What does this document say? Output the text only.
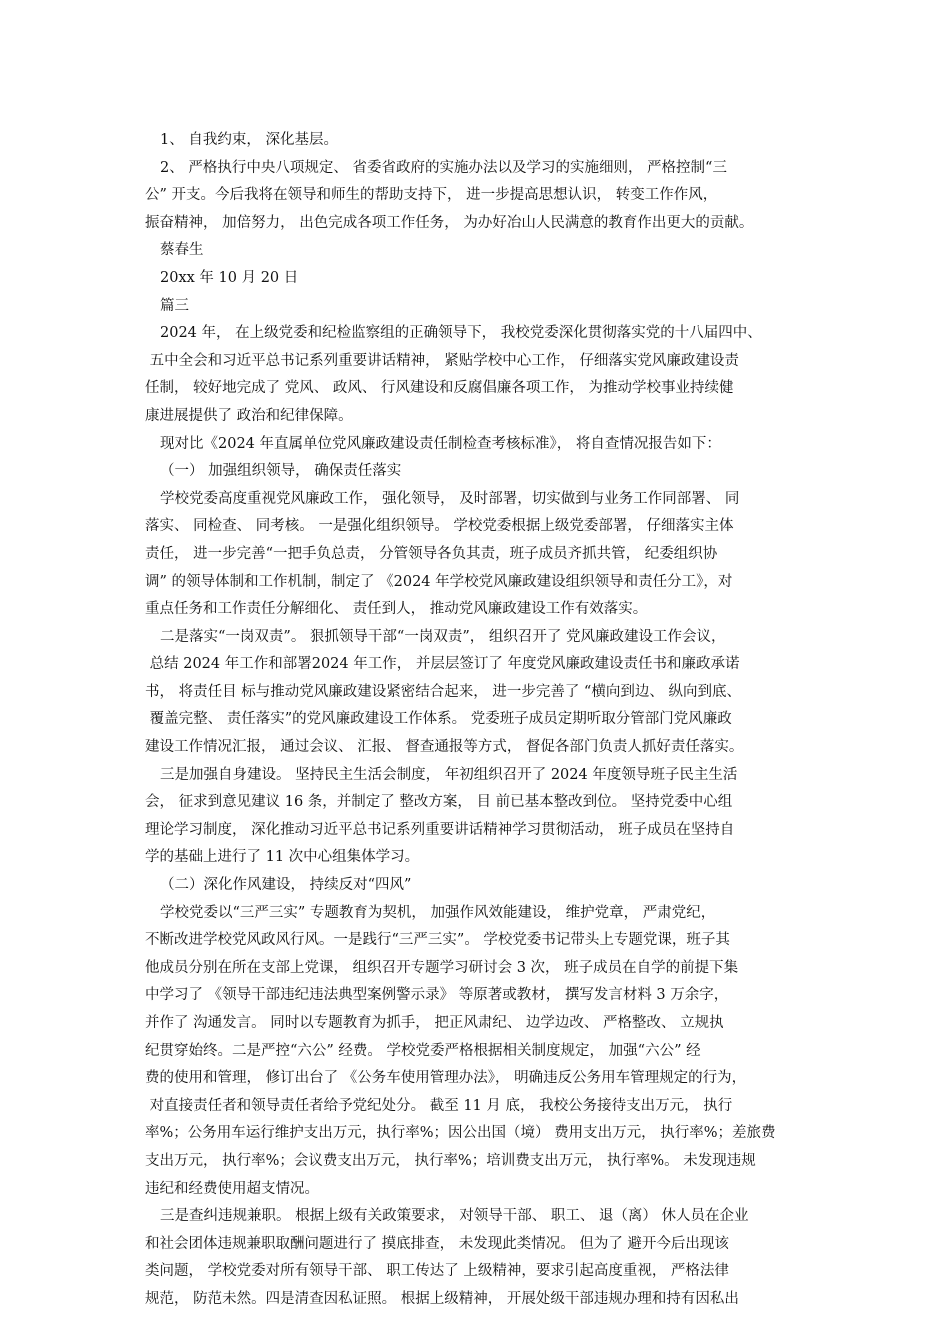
1、 自我约束， 深化基层。
2、 严格执行中央八项规定、 省委省政府的实施办法以及学习的实施细则， 严格控制“三
公” 开支。今后我将在领导和师生的帮助支持下， 进一步提高思想认识， 转变工作作风，
振奋精神， 加倍努力， 出色完成各项工作任务， 为办好冶山人民满意的教育作出更大的贡献。
蔡春生
20xx 年 10 月 20 日
篇三
2024 年， 在上级党委和纪检监察组的正确领导下， 我校党委深化贯彻落实党的十八届四中、
五中全会和习近平总书记系列重要讲话精神， 紧贴学校中心工作， 仔细落实党风廉政建设责
任制， 较好地完成了 党风、 政风、 行风建设和反腐倡廉各项工作， 为推动学校事业持续健
康进展提供了 政治和纪律保障。
现对比《2024 年直属单位党风廉政建设责任制检查考核标准》， 将自查情况报告如下：
（一） 加强组织领导， 确保责任落实
学校党委高度重视党风廉政工作， 强化领导， 及时部署，切实做到与业务工作同部署、 同
落实、 同检查、 同考核。 一是强化组织领导。 学校党委根据上级党委部署， 仔细落实主体
责任， 进一步完善“一把手负总责， 分管领导各负其责，班子成员齐抓共管， 纪委组织协
调” 的领导体制和工作机制，制定了 《2024 年学校党风廉政建设组织领导和责任分工》，对
重点任务和工作责任分解细化、 责任到人， 推动党风廉政建设工作有效落实。
二是落实“一岗双责”。 狠抓领导干部“一岗双责”， 组织召开了 党风廉政建设工作会议，
总结 2024 年工作和部署2024 年工作， 并层层签订了 年度党风廉政建设责任书和廉政承诺
书， 将责任目 标与推动党风廉政建设紧密结合起来， 进一步完善了 “横向到边、 纵向到底、
覆盖完整、 责任落实”的党风廉政建设工作体系。 党委班子成员定期听取分管部门党风廉政
建设工作情况汇报， 通过会议、 汇报、 督查通报等方式， 督促各部门负责人抓好责任落实。
三是加强自身建设。 坚持民主生活会制度， 年初组织召开了 2024 年度领导班子民主生活
会， 征求到意见建议 16 条，并制定了 整改方案， 目 前已基本整改到位。 坚持党委中心组
理论学习制度， 深化推动习近平总书记系列重要讲话精神学习贯彻活动， 班子成员在坚持自
学的基础上进行了 11 次中心组集体学习。
（二）深化作风建设， 持续反对“四风”
学校党委以“三严三实” 专题教育为契机， 加强作风效能建设， 维护党章， 严肃党纪，
不断改进学校党风政风行风。一是践行“三严三实”。 学校党委书记带头上专题党课，班子其
他成员分别在所在支部上党课， 组织召开专题学习研讨会 3 次， 班子成员在自学的前提下集
中学习了 《领导干部违纪违法典型案例警示录》 等原著或教材， 撰写发言材料 3 万余字，
并作了 沟通发言。 同时以专题教育为抓手， 把正风肃纪、 边学边改、 严格整改、 立规执
纪贯穿始终。二是严控“六公” 经费。 学校党委严格根据相关制度规定， 加强“六公” 经
费的使用和管理， 修订出台了 《公务车使用管理办法》， 明确违反公务用车管理规定的行为，
对直接责任者和领导责任者给予党纪处分。 截至 11 月 底， 我校公务接待支出万元， 执行
率%；公务用车运行维护支出万元，执行率%；因公出国（境） 费用支出万元， 执行率%；差旅费
支出万元， 执行率%；会议费支出万元， 执行率%；培训费支出万元， 执行率%。 未发现违规
违纪和经费使用超支情况。
三是查纠违规兼职。 根据上级有关政策要求， 对领导干部、 职工、 退（离） 休人员在企业
和社会团体违规兼职取酬问题进行了 摸底排查， 未发现此类情况。 但为了 避开今后出现该
类问题， 学校党委对所有领导干部、 职工传达了 上级精神，要求引起高度重视， 严格法律
规范， 防范未然。四是清查因私证照。 根据上级精神， 开展处级干部违规办理和持有因私出
